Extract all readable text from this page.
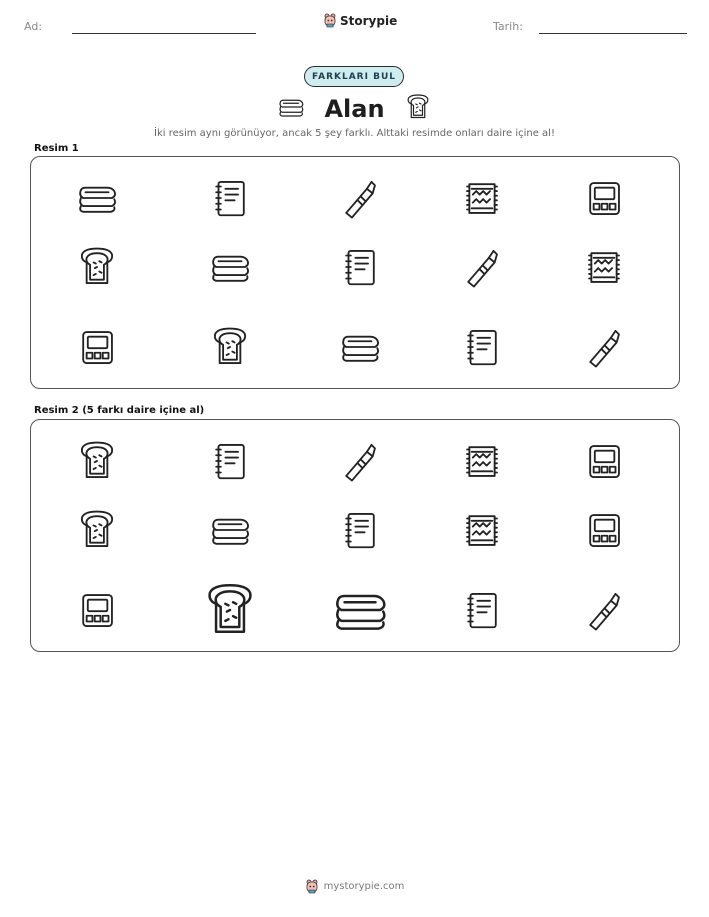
Ad:	Storypie	Tarih:
FARKLARI BUL
Alan
İki resim aynı görünüyor, ancak 5 şey farklı. Alttaki resimde onları daire içine al!
Resim 1
Resim 2 (5 farkı daire içine al)
mystorypie.com
